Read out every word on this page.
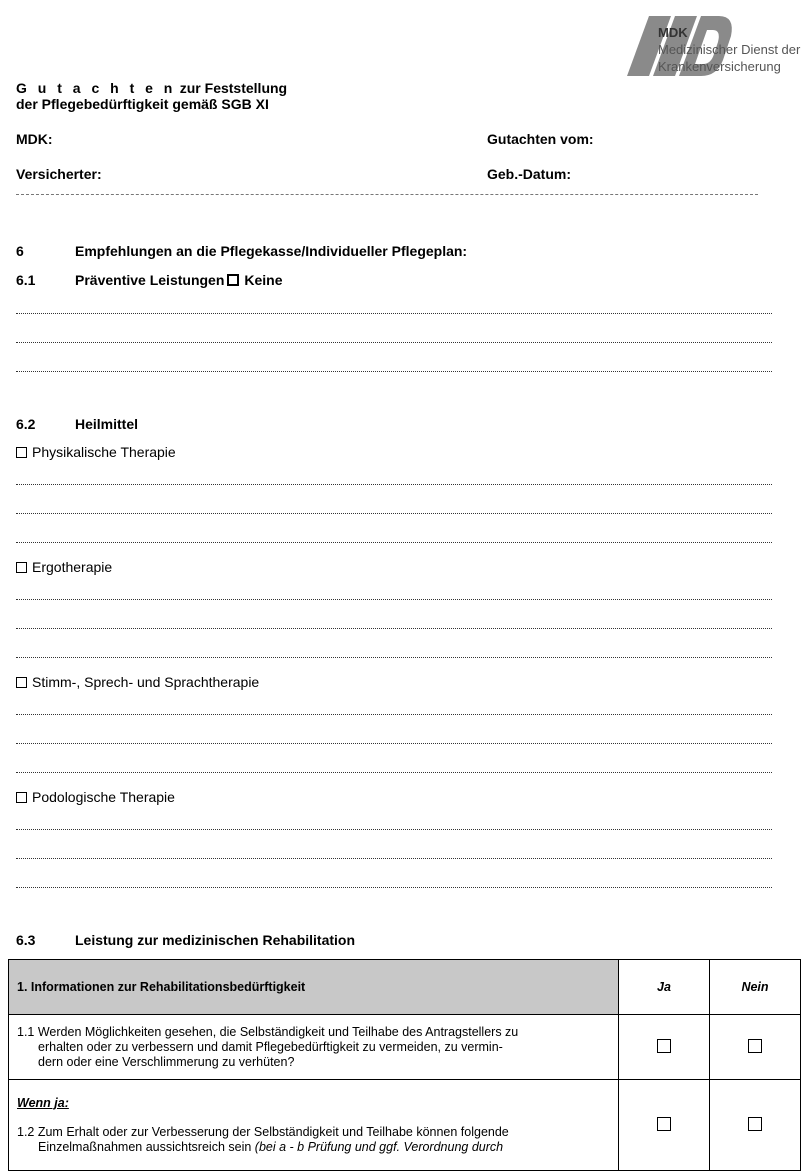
MDK
Medizinischer Dienst der
Krankenversicherung
G u t a c h t e n zur Feststellung
der Pflegebedürftigkeit gemäß SGB XI
MDK:	Gutachten vom:
Versicherter:	Geb.-Datum:
6	Empfehlungen an die Pflegekasse/Individueller Pflegeplan:
6.1	Präventive Leistungen Keine
6.2	Heilmittel
Physikalische Therapie
Ergotherapie
Stimm-, Sprech- und Sprachtherapie
Podologische Therapie
6.3	Leistung zur medizinischen Rehabilitation
1. Informationen zur Rehabilitationsbedürftigkeit	Ja	Nein

1.1 Werden Möglichkeiten gesehen, die Selbständigkeit und Teilhabe des Antragstellers zu
erhalten oder zu verbessern und damit Pflegebedürftigkeit zu vermeiden, zu vermin-
dern oder eine Verschlimmerung zu verhüten?		

Wenn ja:
1.2 Zum Erhalt oder zur Verbesserung der Selbständigkeit und Teilhabe können folgende
Einzelmaßnahmen aussichtsreich sein (bei a - b Prüfung und ggf. Verordnung durch		
